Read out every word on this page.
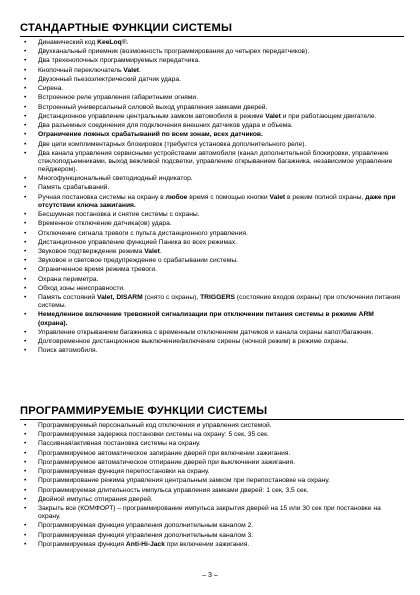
СТАНДАРТНЫЕ ФУНКЦИИ СИСТЕМЫ
• Динамический код KeeLoq®.
• Двухканальный приемник (возможность программирования до четырех передатчиков).
• Два трехкнопочных программируемых передатчика.
• Кнопочный переключатель Valet.
• Двузонный пьезоэлектрический датчик удара.
• Сирена.
• Встроенное реле управления габаритными огнями.
• Встроенный универсальный силовой выход управления замками дверей.
• Дистанционное управление центральным замком автомобиля в режиме Valet и при работающем двигателе.
• Два разъемных соединения для подключения внешних датчиков удара и объема.
• Ограничение ложных срабатываний по всем зонам, всех датчиков.
• Две цепи комплиментарных блокировок (требуется установка дополнительного реле).
• Два канала управления сервисными устройствами автомобиля (канал дополнительной блокировки, управление стеклоподъемниками, выход вежливой подсветки, управление открыванием багажника, независимое управление пейджером).
• Многофункциональный светодиодный индикатор.
• Память срабатываний.
• Ручная постановка системы на охрану в любое время с помощью кнопки Valet в режим полной охраны, даже при отсутствии ключа зажигания.
• Бесшумная постановка и снятие системы с охраны.
• Временное отключение датчика(ов) удара.
• Отключение сигнала тревоги с пульта дистанционного управления.
• Дистанционное управление функцией Паника во всех режимах.
• Звуковое подтверждение режима Valet.
• Звуковое и световое предупреждение о срабатывании системы.
• Ограниченное время режима тревоги.
• Охрана периметра.
• Обход зоны неисправности.
• Память состояний Valet, DISARM (снято с охраны), TRIGGERS (состояние входов охраны) при отключении питания системы.
• Немедленное включение тревожной сигнализации при отключении питания системы в режиме ARM (охрана).
• Управление открыванием багажника с временным отключением датчиков и канала охраны капот/багажник.
• Долговременное дистанционное выключение/включение сирены (ночной режим) в режиме охраны.
• Поиск автомобиля.
ПРОГРАММИРУЕМЫЕ ФУНКЦИИ СИСТЕМЫ
• Программируемый персональный код отключения и управления системой.
• Программируемая задержка постановки системы на охрану: 5 сек, 35 сек.
• Пассивная/активная постановка системы на охрану.
• Программируемое автоматическое запирание дверей при включении зажигания.
• Программируемое автоматическое отпирание дверей при выключении зажигания.
• Программируемая функция перепостановки на охрану.
• Программирование режима управления центральным замком при перепостановке на охрану.
• Программируемая длительность импульса управления замками дверей: 1 сек, 3,5 сек.
• Двойной импульс отпирания дверей.
• Закрыть все (КОМФОРТ) – программирование импульса закрытия дверей на 15 или 30 сек при постановке на охрану.
• Программируемая функция управления дополнительным каналом 2.
• Программируемая функция управления дополнительным каналом 3.
• Программируемая функция Anti-Hi-Jack при включении зажигания.
– 3 –
